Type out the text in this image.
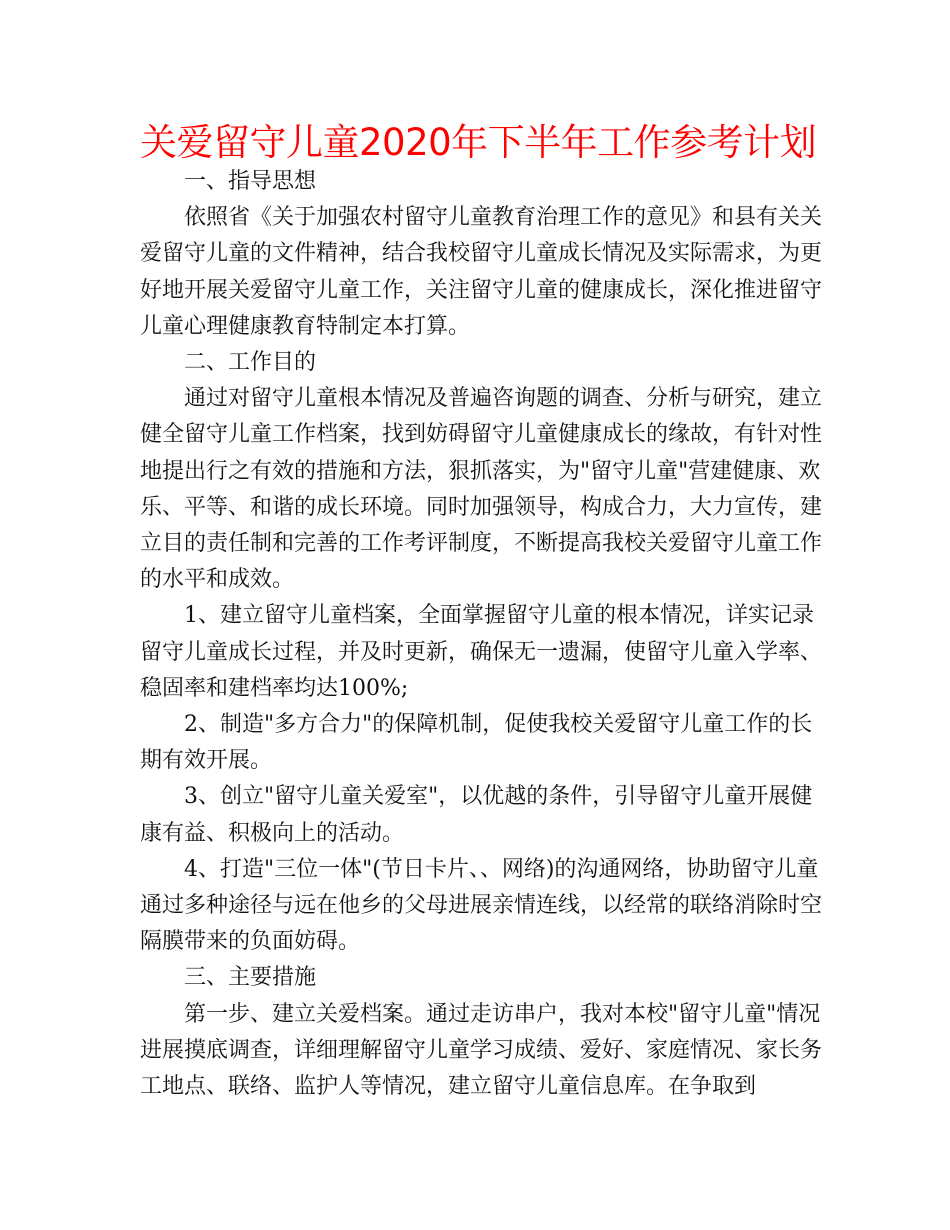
关爱留守儿童2020年下半年工作参考计划

一、指导思想

依照省《关于加强农村留守儿童教育治理工作的意见》和县有关关爱留守儿童的文件精神，结合我校留守儿童成长情况及实际需求，为更好地开展关爱留守儿童工作，关注留守儿童的健康成长，深化推进留守儿童心理健康教育特制定本打算。

二、工作目的

通过对留守儿童根本情况及普遍咨询题的调查、分析与研究，建立健全留守儿童工作档案，找到妨碍留守儿童健康成长的缘故，有针对性地提出行之有效的措施和方法，狠抓落实，为"留守儿童"营建健康、欢乐、平等、和谐的成长环境。同时加强领导，构成合力，大力宣传，建立目的责任制和完善的工作考评制度，不断提高我校关爱留守儿童工作的水平和成效。

1、建立留守儿童档案，全面掌握留守儿童的根本情况，详实记录留守儿童成长过程，并及时更新，确保无一遗漏，使留守儿童入学率、稳固率和建档率均达100%;

2、制造"多方合力"的保障机制，促使我校关爱留守儿童工作的长期有效开展。

3、创立"留守儿童关爱室"，以优越的条件，引导留守儿童开展健康有益、积极向上的活动。

4、打造"三位一体"(节日卡片、、网络)的沟通网络，协助留守儿童通过多种途径与远在他乡的父母进展亲情连线，以经常的联络消除时空隔膜带来的负面妨碍。

三、主要措施

第一步、建立关爱档案。通过走访串户，我对本校"留守儿童"情况进展摸底调查，详细理解留守儿童学习成绩、爱好、家庭情况、家长务工地点、联络、监护人等情况，建立留守儿童信息库。在争取到
